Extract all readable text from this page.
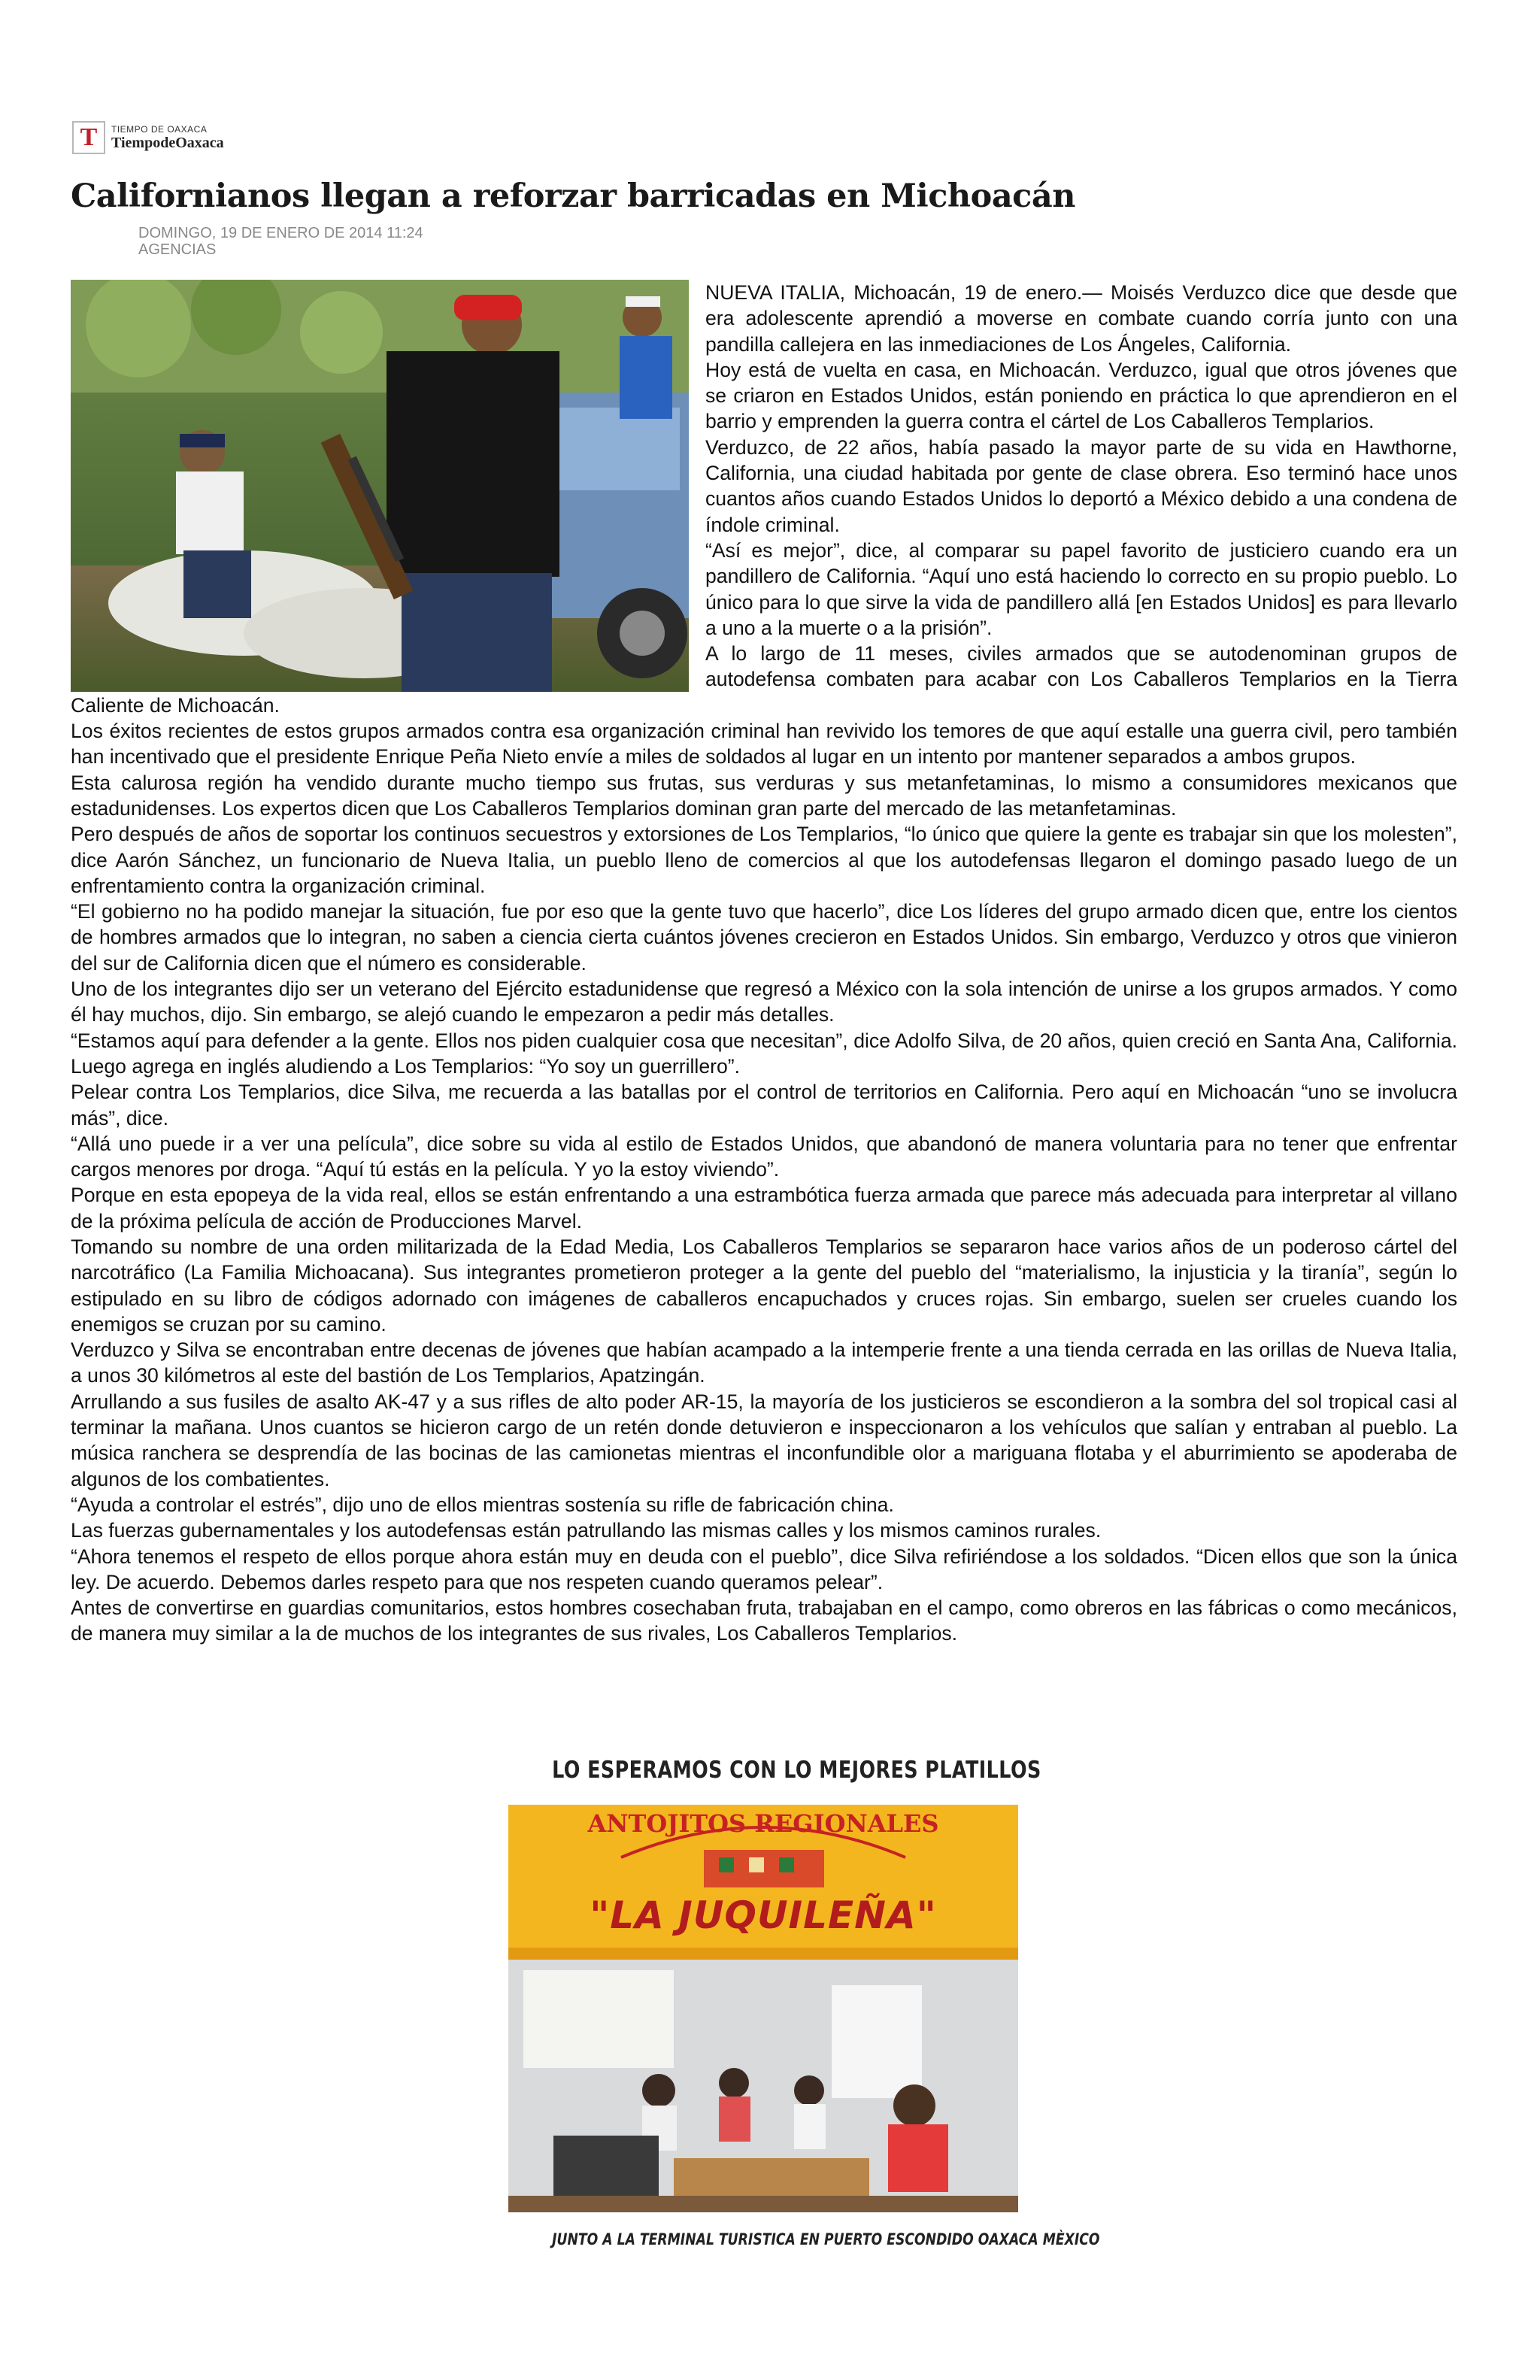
T TIEMPO DE OAXACA
TiempodeOaxaca
Californianos llegan a reforzar barricadas en Michoacán
DOMINGO, 19 DE ENERO DE 2014 11:24
AGENCIAS

NUEVA ITALIA, Michoacán, 19 de enero.— Moisés Verduzco dice que desde que era adolescente aprendió a moverse en combate cuando corría junto con una pandilla callejera en las inmediaciones de Los Ángeles, California.

Hoy está de vuelta en casa, en Michoacán. Verduzco, igual que otros jóvenes que se criaron en Estados Unidos, están poniendo en práctica lo que aprendieron en el barrio y emprenden la guerra contra el cártel de Los Caballeros Templarios.

Verduzco, de 22 años, había pasado la mayor parte de su vida en Hawthorne, California, una ciudad habitada por gente de clase obrera. Eso terminó hace unos cuantos años cuando Estados Unidos lo deportó a México debido a una condena de índole criminal.

“Así es mejor”, dice, al comparar su papel favorito de justiciero cuando era un pandillero de California. “Aquí uno está haciendo lo correcto en su propio pueblo. Lo único para lo que sirve la vida de pandillero allá [en Estados Unidos] es para llevarlo a uno a la muerte o a la prisión”.

A lo largo de 11 meses, civiles armados que se autodenominan grupos de autodefensa combaten para acabar con Los Caballeros Templarios en la Tierra Caliente de Michoacán.

Los éxitos recientes de estos grupos armados contra esa organización criminal han revivido los temores de que aquí estalle una guerra civil, pero también han incentivado que el presidente Enrique Peña Nieto envíe a miles de soldados al lugar en un intento por mantener separados a ambos grupos.

Esta calurosa región ha vendido durante mucho tiempo sus frutas, sus verduras y sus metanfetaminas, lo mismo a consumidores mexicanos que estadunidenses. Los expertos dicen que Los Caballeros Templarios dominan gran parte del mercado de las metanfetaminas.

Pero después de años de soportar los continuos secuestros y extorsiones de Los Templarios, “lo único que quiere la gente es trabajar sin que los molesten”, dice Aarón Sánchez, un funcionario de Nueva Italia, un pueblo lleno de comercios al que los autodefensas llegaron el domingo pasado luego de un enfrentamiento contra la organización criminal.

“El gobierno no ha podido manejar la situación, fue por eso que la gente tuvo que hacerlo”, dice Los líderes del grupo armado dicen que, entre los cientos de hombres armados que lo integran, no saben a ciencia cierta cuántos jóvenes crecieron en Estados Unidos. Sin embargo, Verduzco y otros que vinieron del sur de California dicen que el número es considerable.

Uno de los integrantes dijo ser un veterano del Ejército estadunidense que regresó a México con la sola intención de unirse a los grupos armados. Y como él hay muchos, dijo. Sin embargo, se alejó cuando le empezaron a pedir más detalles.

“Estamos aquí para defender a la gente. Ellos nos piden cualquier cosa que necesitan”, dice Adolfo Silva, de 20 años, quien creció en Santa Ana, California. Luego agrega en inglés aludiendo a Los Templarios: “Yo soy un guerrillero”.

Pelear contra Los Templarios, dice Silva, me recuerda a las batallas por el control de territorios en California. Pero aquí en Michoacán “uno se involucra más”, dice.

“Allá uno puede ir a ver una película”, dice sobre su vida al estilo de Estados Unidos, que abandonó de manera voluntaria para no tener que enfrentar cargos menores por droga. “Aquí tú estás en la película. Y yo la estoy viviendo”.

Porque en esta epopeya de la vida real, ellos se están enfrentando a una estrambótica fuerza armada que parece más adecuada para interpretar al villano de la próxima película de acción de Producciones Marvel.

Tomando su nombre de una orden militarizada de la Edad Media, Los Caballeros Templarios se separaron hace varios años de un poderoso cártel del narcotráfico (La Familia Michoacana). Sus integrantes prometieron proteger a la gente del pueblo del “materialismo, la injusticia y la tiranía”, según lo estipulado en su libro de códigos adornado con imágenes de caballeros encapuchados y cruces rojas. Sin embargo, suelen ser crueles cuando los enemigos se cruzan por su camino.

Verduzco y Silva se encontraban entre decenas de jóvenes que habían acampado a la intemperie frente a una tienda cerrada en las orillas de Nueva Italia, a unos 30 kilómetros al este del bastión de Los Templarios, Apatzingán.

Arrullando a sus fusiles de asalto AK-47 y a sus rifles de alto poder AR-15, la mayoría de los justicieros se escondieron a la sombra del sol tropical casi al terminar la mañana. Unos cuantos se hicieron cargo de un retén donde detuvieron e inspeccionaron a los vehículos que salían y entraban al pueblo. La música ranchera se desprendía de las bocinas de las camionetas mientras el inconfundible olor a mariguana flotaba y el aburrimiento se apoderaba de algunos de los combatientes.

“Ayuda a controlar el estrés”, dijo uno de ellos mientras sostenía su rifle de fabricación china.

Las fuerzas gubernamentales y los autodefensas están patrullando las mismas calles y los mismos caminos rurales.

“Ahora tenemos el respeto de ellos porque ahora están muy en deuda con el pueblo”, dice Silva refiriéndose a los soldados. “Dicen ellos que son la única ley. De acuerdo. Debemos darles respeto para que nos respeten cuando queramos pelear”.

Antes de convertirse en guardias comunitarios, estos hombres cosechaban fruta, trabajaban en el campo, como obreros en las fábricas o como mecánicos, de manera muy similar a la de muchos de los integrantes de sus rivales, Los Caballeros Templarios.

LO ESPERAMOS CON LO MEJORES PLATILLOS
ANTOJITOS REGIONALES
"LA JUQUILEÑA"
JUNTO A LA TERMINAL TURISTICA EN PUERTO ESCONDIDO OAXACA MÈXICO
